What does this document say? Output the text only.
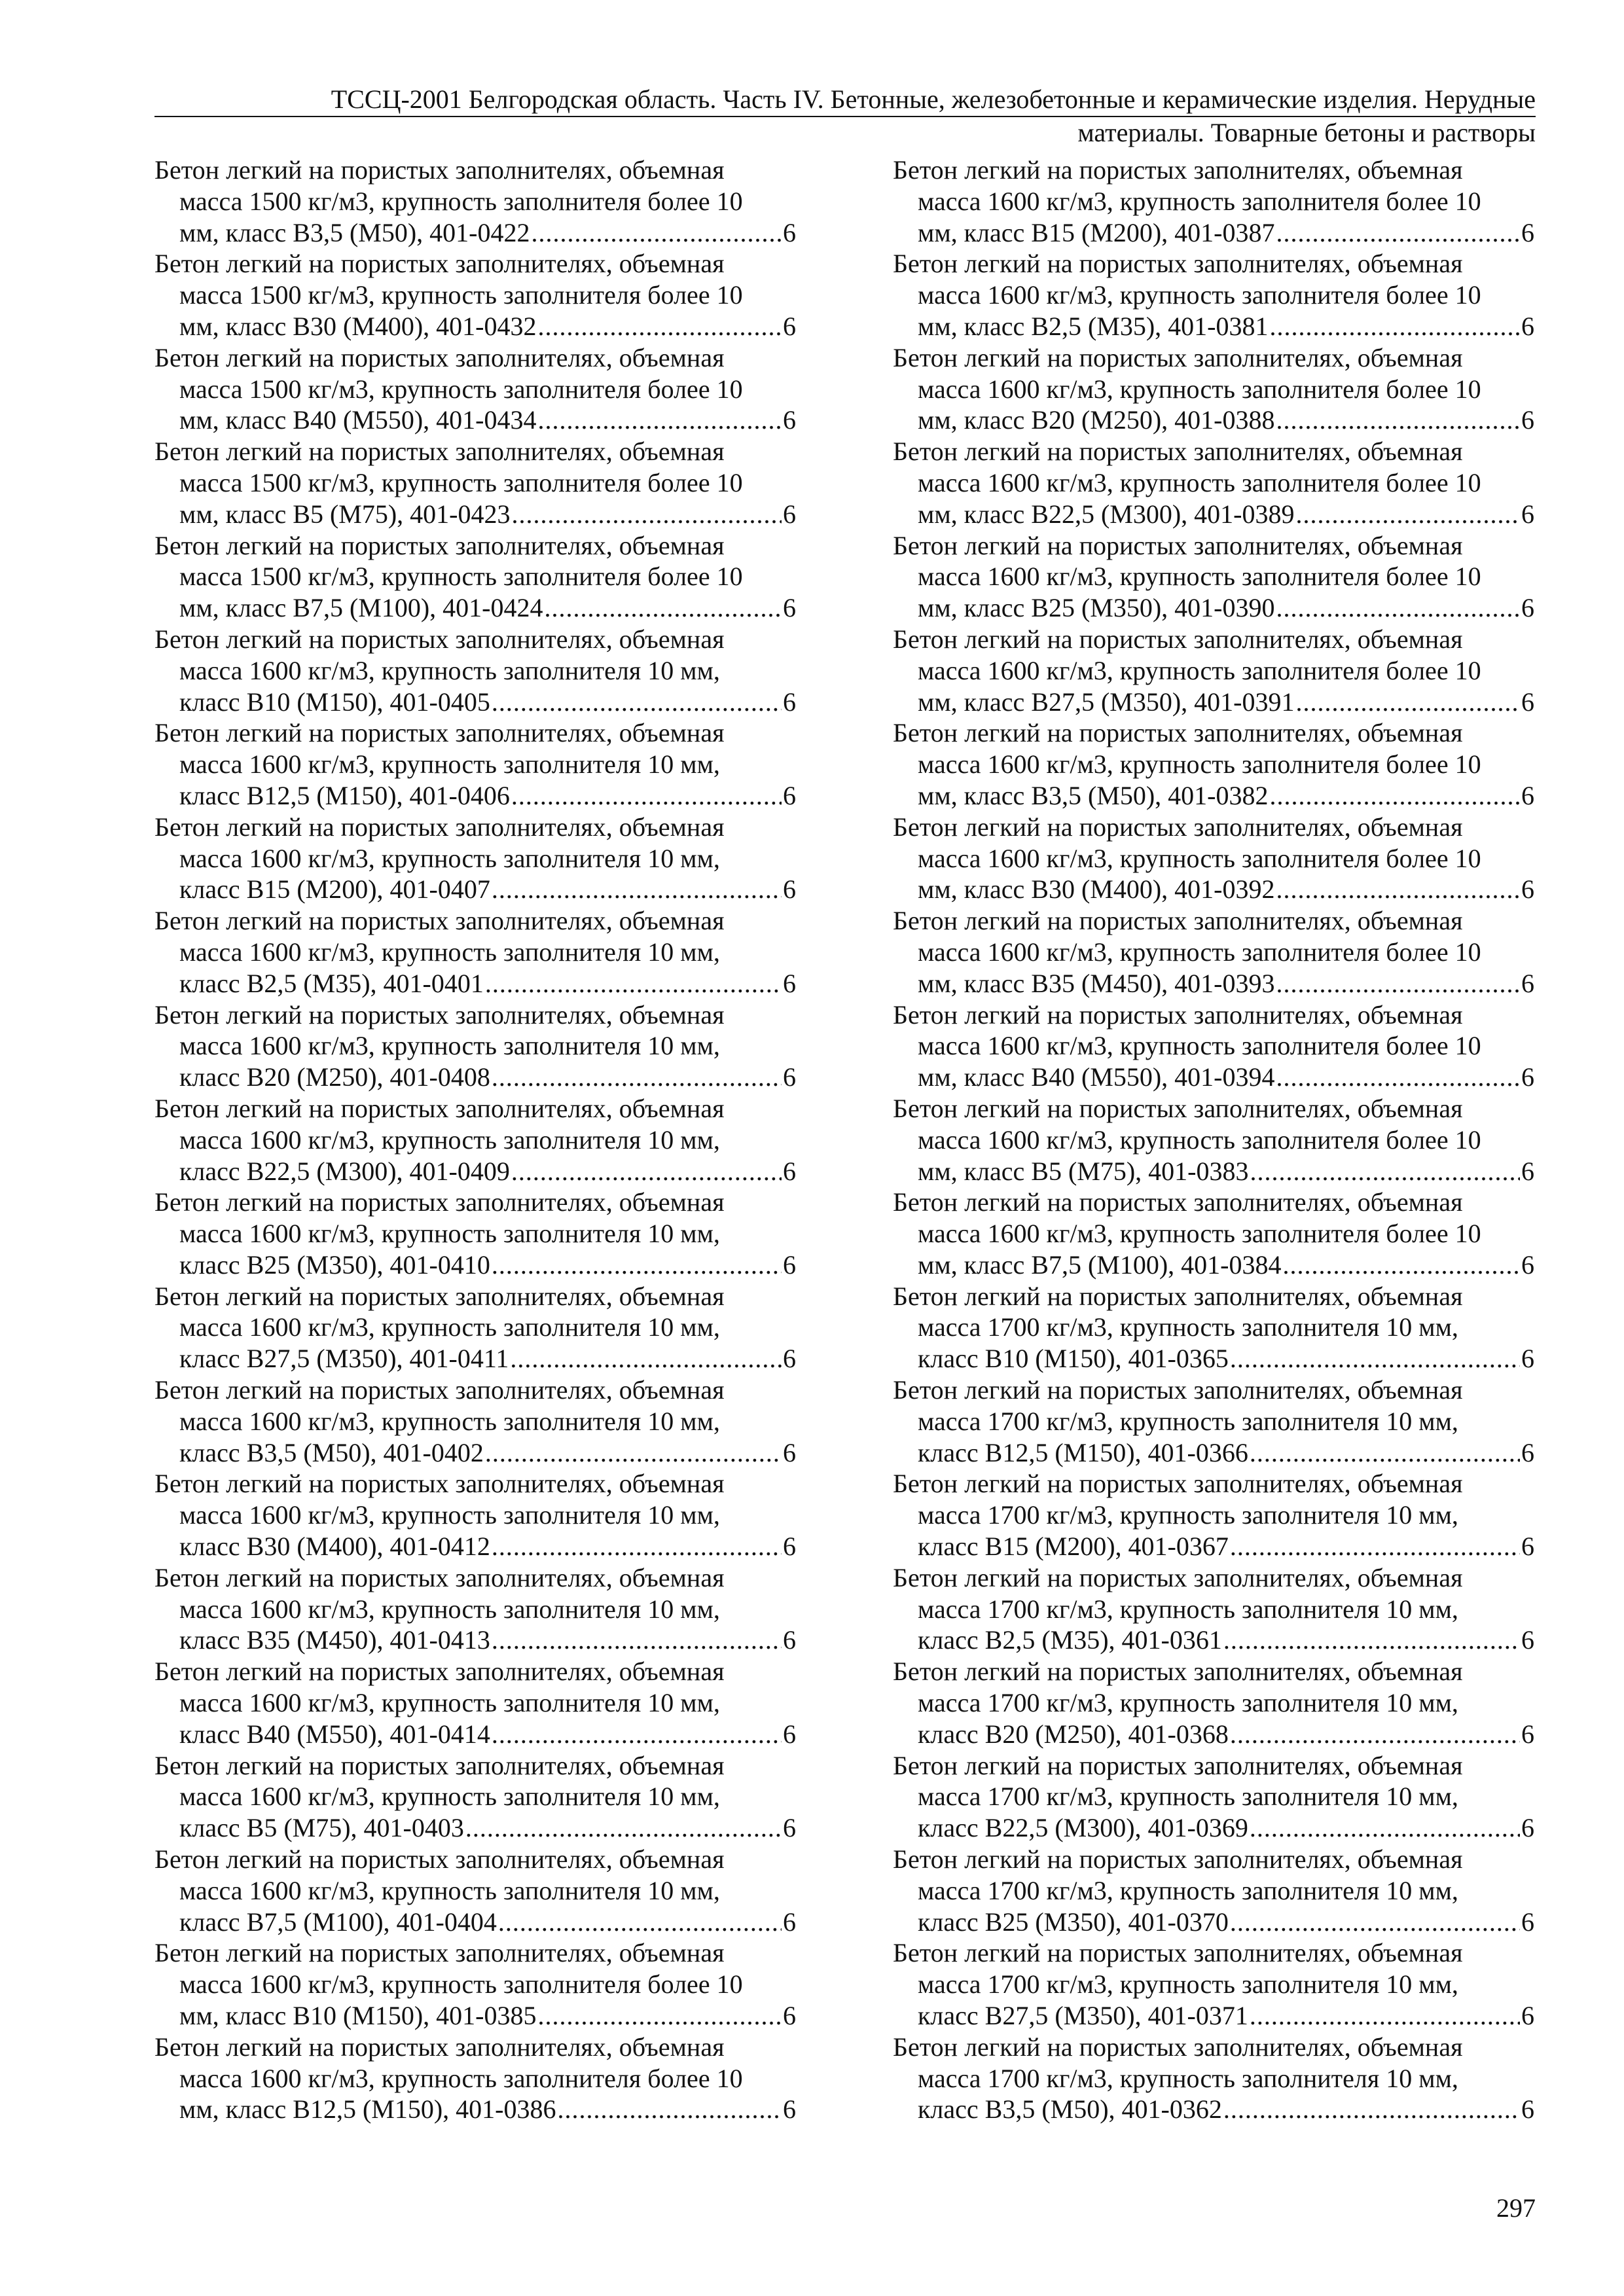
ТССЦ-2001 Белгородская область. Часть IV. Бетонные, железобетонные и керамические изделия. Нерудные
материалы. Товарные бетоны и растворы
Бетон легкий на пористых заполнителях, объемная
масса 1500 кг/м3, крупность заполнителя более 10
мм, класс В3,5 (М50), 401-0422 .....	6
Бетон легкий на пористых заполнителях, объемная
масса 1500 кг/м3, крупность заполнителя более 10
мм, класс В30 (М400), 401-0432 .....	6
Бетон легкий на пористых заполнителях, объемная
масса 1500 кг/м3, крупность заполнителя более 10
мм, класс В40 (М550), 401-0434 .....	6
Бетон легкий на пористых заполнителях, объемная
масса 1500 кг/м3, крупность заполнителя более 10
мм, класс В5 (М75), 401-0423 .....	6
Бетон легкий на пористых заполнителях, объемная
масса 1500 кг/м3, крупность заполнителя более 10
мм, класс В7,5 (М100), 401-0424 .....	6
Бетон легкий на пористых заполнителях, объемная
масса 1600 кг/м3, крупность заполнителя 10 мм,
класс В10 (М150), 401-0405 .....	6
Бетон легкий на пористых заполнителях, объемная
масса 1600 кг/м3, крупность заполнителя 10 мм,
класс В12,5 (М150), 401-0406 .....	6
Бетон легкий на пористых заполнителях, объемная
масса 1600 кг/м3, крупность заполнителя 10 мм,
класс В15 (М200), 401-0407 .....	6
Бетон легкий на пористых заполнителях, объемная
масса 1600 кг/м3, крупность заполнителя 10 мм,
класс В2,5 (М35), 401-0401 .....	6
Бетон легкий на пористых заполнителях, объемная
масса 1600 кг/м3, крупность заполнителя 10 мм,
класс В20 (М250), 401-0408 .....	6
Бетон легкий на пористых заполнителях, объемная
масса 1600 кг/м3, крупность заполнителя 10 мм,
класс В22,5 (М300), 401-0409 .....	6
Бетон легкий на пористых заполнителях, объемная
масса 1600 кг/м3, крупность заполнителя 10 мм,
класс В25 (М350), 401-0410 .....	6
Бетон легкий на пористых заполнителях, объемная
масса 1600 кг/м3, крупность заполнителя 10 мм,
класс В27,5 (М350), 401-0411 .....	6
Бетон легкий на пористых заполнителях, объемная
масса 1600 кг/м3, крупность заполнителя 10 мм,
класс В3,5 (М50), 401-0402 .....	6
Бетон легкий на пористых заполнителях, объемная
масса 1600 кг/м3, крупность заполнителя 10 мм,
класс В30 (М400), 401-0412 .....	6
Бетон легкий на пористых заполнителях, объемная
масса 1600 кг/м3, крупность заполнителя 10 мм,
класс В35 (М450), 401-0413 .....	6
Бетон легкий на пористых заполнителях, объемная
масса 1600 кг/м3, крупность заполнителя 10 мм,
класс В40 (М550), 401-0414 .....	6
Бетон легкий на пористых заполнителях, объемная
масса 1600 кг/м3, крупность заполнителя 10 мм,
класс В5 (М75), 401-0403 .....	6
Бетон легкий на пористых заполнителях, объемная
масса 1600 кг/м3, крупность заполнителя 10 мм,
класс В7,5 (М100), 401-0404 .....	6
Бетон легкий на пористых заполнителях, объемная
масса 1600 кг/м3, крупность заполнителя более 10
мм, класс В10 (М150), 401-0385 .....	6
Бетон легкий на пористых заполнителях, объемная
масса 1600 кг/м3, крупность заполнителя более 10
мм, класс В12,5 (М150), 401-0386 .....	6
Бетон легкий на пористых заполнителях, объемная
масса 1600 кг/м3, крупность заполнителя более 10
мм, класс В15 (М200), 401-0387 .....	6
Бетон легкий на пористых заполнителях, объемная
масса 1600 кг/м3, крупность заполнителя более 10
мм, класс В2,5 (М35), 401-0381 .....	6
Бетон легкий на пористых заполнителях, объемная
масса 1600 кг/м3, крупность заполнителя более 10
мм, класс В20 (М250), 401-0388 .....	6
Бетон легкий на пористых заполнителях, объемная
масса 1600 кг/м3, крупность заполнителя более 10
мм, класс В22,5 (М300), 401-0389 .....	6
Бетон легкий на пористых заполнителях, объемная
масса 1600 кг/м3, крупность заполнителя более 10
мм, класс В25 (М350), 401-0390 .....	6
Бетон легкий на пористых заполнителях, объемная
масса 1600 кг/м3, крупность заполнителя более 10
мм, класс В27,5 (М350), 401-0391 .....	6
Бетон легкий на пористых заполнителях, объемная
масса 1600 кг/м3, крупность заполнителя более 10
мм, класс В3,5 (М50), 401-0382 .....	6
Бетон легкий на пористых заполнителях, объемная
масса 1600 кг/м3, крупность заполнителя более 10
мм, класс В30 (М400), 401-0392 .....	6
Бетон легкий на пористых заполнителях, объемная
масса 1600 кг/м3, крупность заполнителя более 10
мм, класс В35 (М450), 401-0393 .....	6
Бетон легкий на пористых заполнителях, объемная
масса 1600 кг/м3, крупность заполнителя более 10
мм, класс В40 (М550), 401-0394 .....	6
Бетон легкий на пористых заполнителях, объемная
масса 1600 кг/м3, крупность заполнителя более 10
мм, класс В5 (М75), 401-0383 .....	6
Бетон легкий на пористых заполнителях, объемная
масса 1600 кг/м3, крупность заполнителя более 10
мм, класс В7,5 (М100), 401-0384 .....	6
Бетон легкий на пористых заполнителях, объемная
масса 1700 кг/м3, крупность заполнителя 10 мм,
класс В10 (М150), 401-0365 .....	6
Бетон легкий на пористых заполнителях, объемная
масса 1700 кг/м3, крупность заполнителя 10 мм,
класс В12,5 (М150), 401-0366 .....	6
Бетон легкий на пористых заполнителях, объемная
масса 1700 кг/м3, крупность заполнителя 10 мм,
класс В15 (М200), 401-0367 .....	6
Бетон легкий на пористых заполнителях, объемная
масса 1700 кг/м3, крупность заполнителя 10 мм,
класс В2,5 (М35), 401-0361 .....	6
Бетон легкий на пористых заполнителях, объемная
масса 1700 кг/м3, крупность заполнителя 10 мм,
класс В20 (М250), 401-0368 .....	6
Бетон легкий на пористых заполнителях, объемная
масса 1700 кг/м3, крупность заполнителя 10 мм,
класс В22,5 (М300), 401-0369 .....	6
Бетон легкий на пористых заполнителях, объемная
масса 1700 кг/м3, крупность заполнителя 10 мм,
класс В25 (М350), 401-0370 .....	6
Бетон легкий на пористых заполнителях, объемная
масса 1700 кг/м3, крупность заполнителя 10 мм,
класс В27,5 (М350), 401-0371 .....	6
Бетон легкий на пористых заполнителях, объемная
масса 1700 кг/м3, крупность заполнителя 10 мм,
класс В3,5 (М50), 401-0362 .....	6
297
